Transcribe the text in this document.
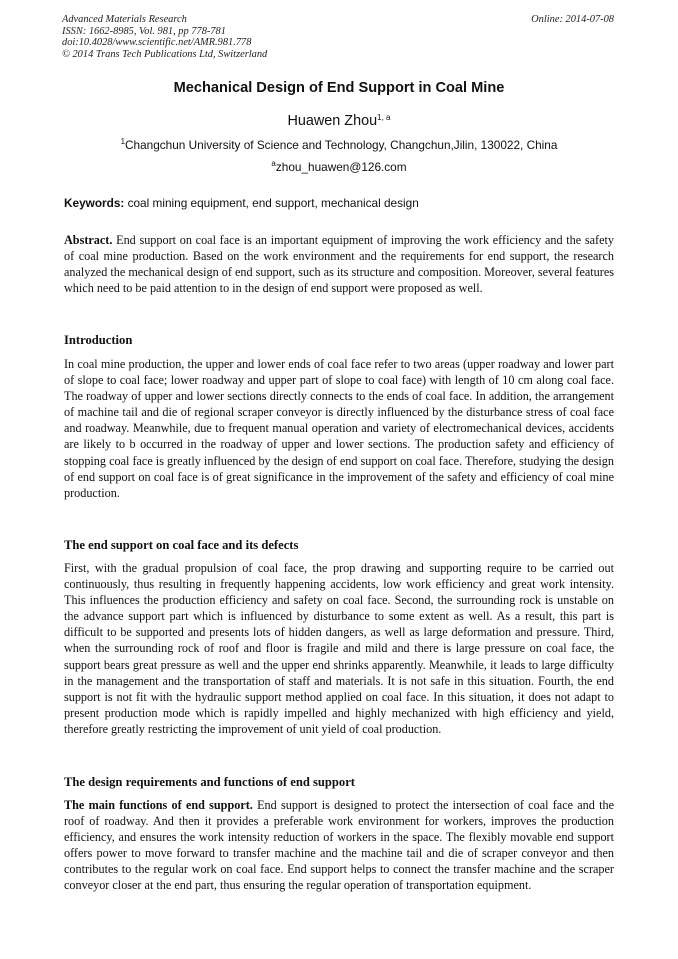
Advanced Materials Research
ISSN: 1662-8985, Vol. 981, pp 778-781
doi:10.4028/www.scientific.net/AMR.981.778
© 2014 Trans Tech Publications Ltd, Switzerland
Online: 2014-07-08
Mechanical Design of End Support in Coal Mine
Huawen Zhou$^{1, a}$
$^1$Changchun University of Science and Technology, Changchun,Jilin, 130022, China
$^a$zhou_huawen@126.com
Keywords: coal mining equipment, end support, mechanical design

Abstract. End support on coal face is an important equipment of improving the work efficiency and the safety of coal mine production. Based on the work environment and the requirements for end support, the research analyzed the mechanical design of end support, such as its structure and composition. Moreover, several features which need to be paid attention to in the design of end support were proposed as well.

Introduction

In coal mine production, the upper and lower ends of coal face refer to two areas (upper roadway and lower part of slope to coal face; lower roadway and upper part of slope to coal face) with length of 10 cm along coal face. The roadway of upper and lower sections directly connects to the ends of coal face. In addition, the arrangement of machine tail and die of regional scraper conveyor is directly influenced by the disturbance stress of coal face and roadway. Meanwhile, due to frequent manual operation and variety of electromechanical devices, accidents are likely to b occurred in the roadway of upper and lower sections. The production safety and efficiency of stopping coal face is greatly influenced by the design of end support on coal face. Therefore, studying the design of end support on coal face is of great significance in the improvement of the safety and efficiency of coal mine production.

The end support on coal face and its defects

First, with the gradual propulsion of coal face, the prop drawing and supporting require to be carried out continuously, thus resulting in frequently happening accidents, low work efficiency and great work intensity. This influences the production efficiency and safety on coal face. Second, the surrounding rock is unstable on the advance support part which is influenced by disturbance to some extent as well. As a result, this part is difficult to be supported and presents lots of hidden dangers, as well as large deformation and pressure. Third, when the surrounding rock of roof and floor is fragile and mild and there is large pressure on coal face, the support bears great pressure as well and the upper end shrinks apparently. Meanwhile, it leads to large difficulty in the management and the transportation of staff and materials. It is not safe in this situation. Fourth, the end support is not fit with the hydraulic support method applied on coal face. In this situation, it does not adapt to present production mode which is rapidly impelled and highly mechanized with high efficiency and yield, therefore greatly restricting the improvement of unit yield of coal production.

The design requirements and functions of end support

The main functions of end support. End support is designed to protect the intersection of coal face and the roof of roadway. And then it provides a preferable work environment for workers, improves the production efficiency, and ensures the work intensity reduction of workers in the space. The flexibly movable end support offers power to move forward to transfer machine and the machine tail and die of scraper conveyor and then contributes to the regular work on coal face. End support helps to connect the transfer machine and the scraper conveyor closer at the end part, thus ensuring the regular operation of transportation equipment.
